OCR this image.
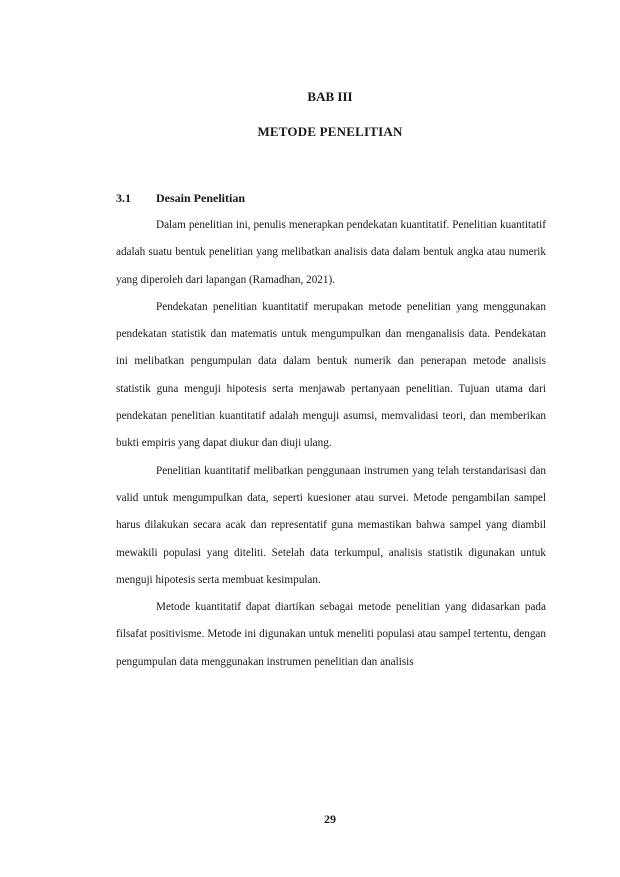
BAB III
METODE PENELITIAN
3.1 Desain Penelitian

Dalam penelitian ini, penulis menerapkan pendekatan kuantitatif. Penelitian kuantitatif adalah suatu bentuk penelitian yang melibatkan analisis data dalam bentuk angka atau numerik yang diperoleh dari lapangan (Ramadhan, 2021).

Pendekatan penelitian kuantitatif merupakan metode penelitian yang menggunakan pendekatan statistik dan matematis untuk mengumpulkan dan menganalisis data. Pendekatan ini melibatkan pengumpulan data dalam bentuk numerik dan penerapan metode analisis statistik guna menguji hipotesis serta menjawab pertanyaan penelitian. Tujuan utama dari pendekatan penelitian kuantitatif adalah menguji asumsi, memvalidasi teori, dan memberikan bukti empiris yang dapat diukur dan diuji ulang.

Penelitian kuantitatif melibatkan penggunaan instrumen yang telah terstandarisasi dan valid untuk mengumpulkan data, seperti kuesioner atau survei. Metode pengambilan sampel harus dilakukan secara acak dan representatif guna memastikan bahwa sampel yang diambil mewakili populasi yang diteliti. Setelah data terkumpul, analisis statistik digunakan untuk menguji hipotesis serta membuat kesimpulan.

Metode kuantitatif dapat diartikan sebagai metode penelitian yang didasarkan pada filsafat positivisme. Metode ini digunakan untuk meneliti populasi atau sampel tertentu, dengan pengumpulan data menggunakan instrumen penelitian dan analisis

29
